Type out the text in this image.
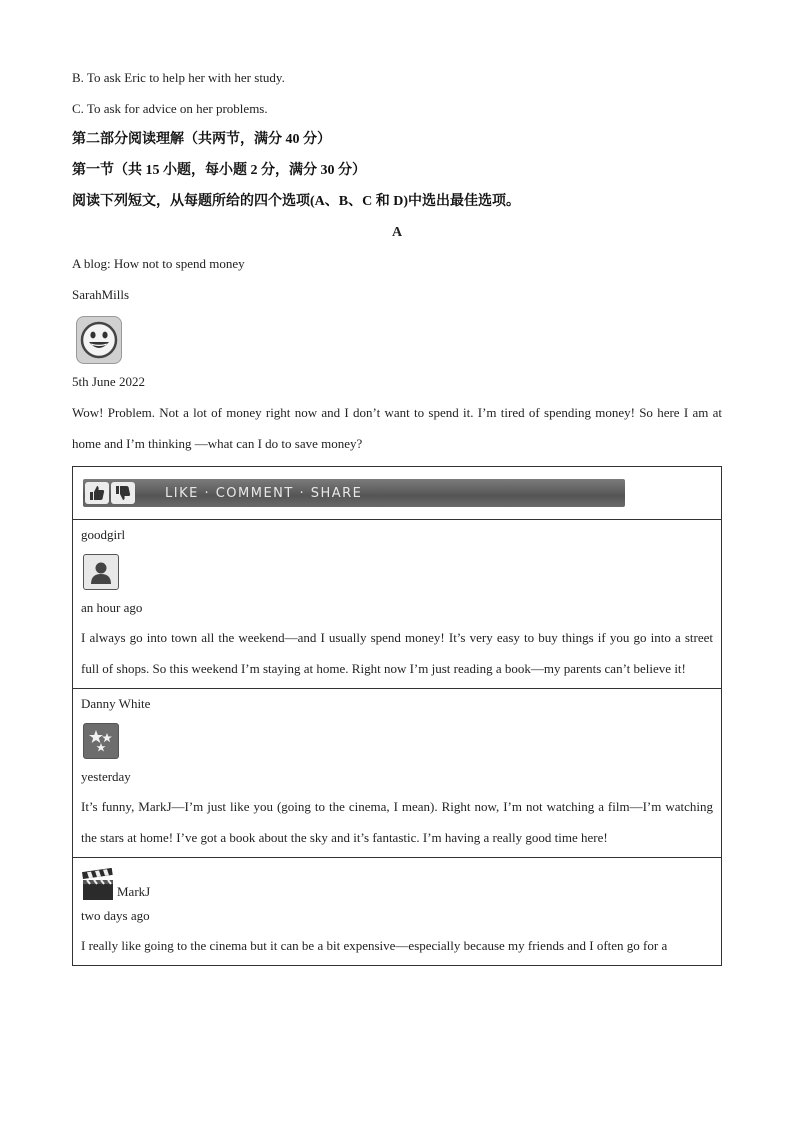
B. To ask Eric to help her with her study.
C. To ask for advice on her problems.
第二部分阅读理解（共两节，满分 40 分）
第一节（共 15 小题，每小题 2 分，满分 30 分）
阅读下列短文，从每题所给的四个选项(A、B、C 和 D)中选出最佳选项。
A
A blog: How not to spend money
SarahMills
5th June 2022
Wow! Problem. Not a lot of money right now and I don’t want to spend it. I’m tired of spending money! So here I am at home and I’m thinking —what can I do to save money?
LIKE · COMMENT · SHARE
goodgirl
an hour ago
I always go into town all the weekend—and I usually spend money! It’s very easy to buy things if you go into a street full of shops. So this weekend I’m staying at home. Right now I’m just reading a book—my parents can’t believe it!
Danny White
yesterday
It’s funny, MarkJ—I’m just like you (going to the cinema, I mean). Right now, I’m not watching a film—I’m watching the stars at home! I’ve got a book about the sky and it’s fantastic. I’m having a really good time here!
MarkJ
two days ago
I really like going to the cinema but it can be a bit expensive—especially because my friends and I often go for a
